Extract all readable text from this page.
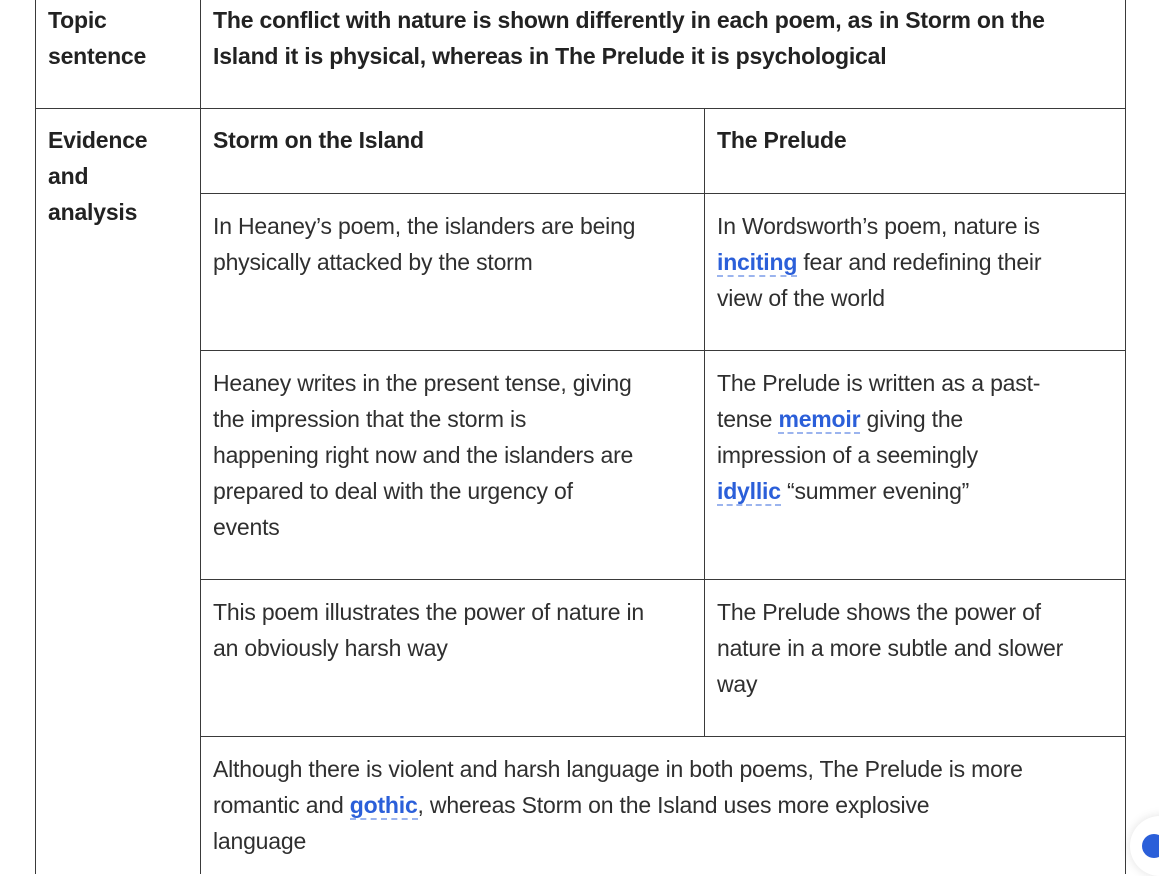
Topic
sentence
The conflict with nature is shown differently in each poem, as in Storm on the
Island it is physical, whereas in The Prelude it is psychological
Evidence
and
analysis
Storm on the Island	The Prelude
In Heaney’s poem, the islanders are being
physically attacked by the storm
In Wordsworth’s poem, nature is
inciting fear and redefining their
view of the world
Heaney writes in the present tense, giving
the impression that the storm is
happening right now and the islanders are
prepared to deal with the urgency of
events
The Prelude is written as a past-
tense memoir giving the
impression of a seemingly
idyllic “summer evening”
This poem illustrates the power of nature in
an obviously harsh way
The Prelude shows the power of
nature in a more subtle and slower
way
Although there is violent and harsh language in both poems, The Prelude is more
romantic and gothic, whereas Storm on the Island uses more explosive
language
